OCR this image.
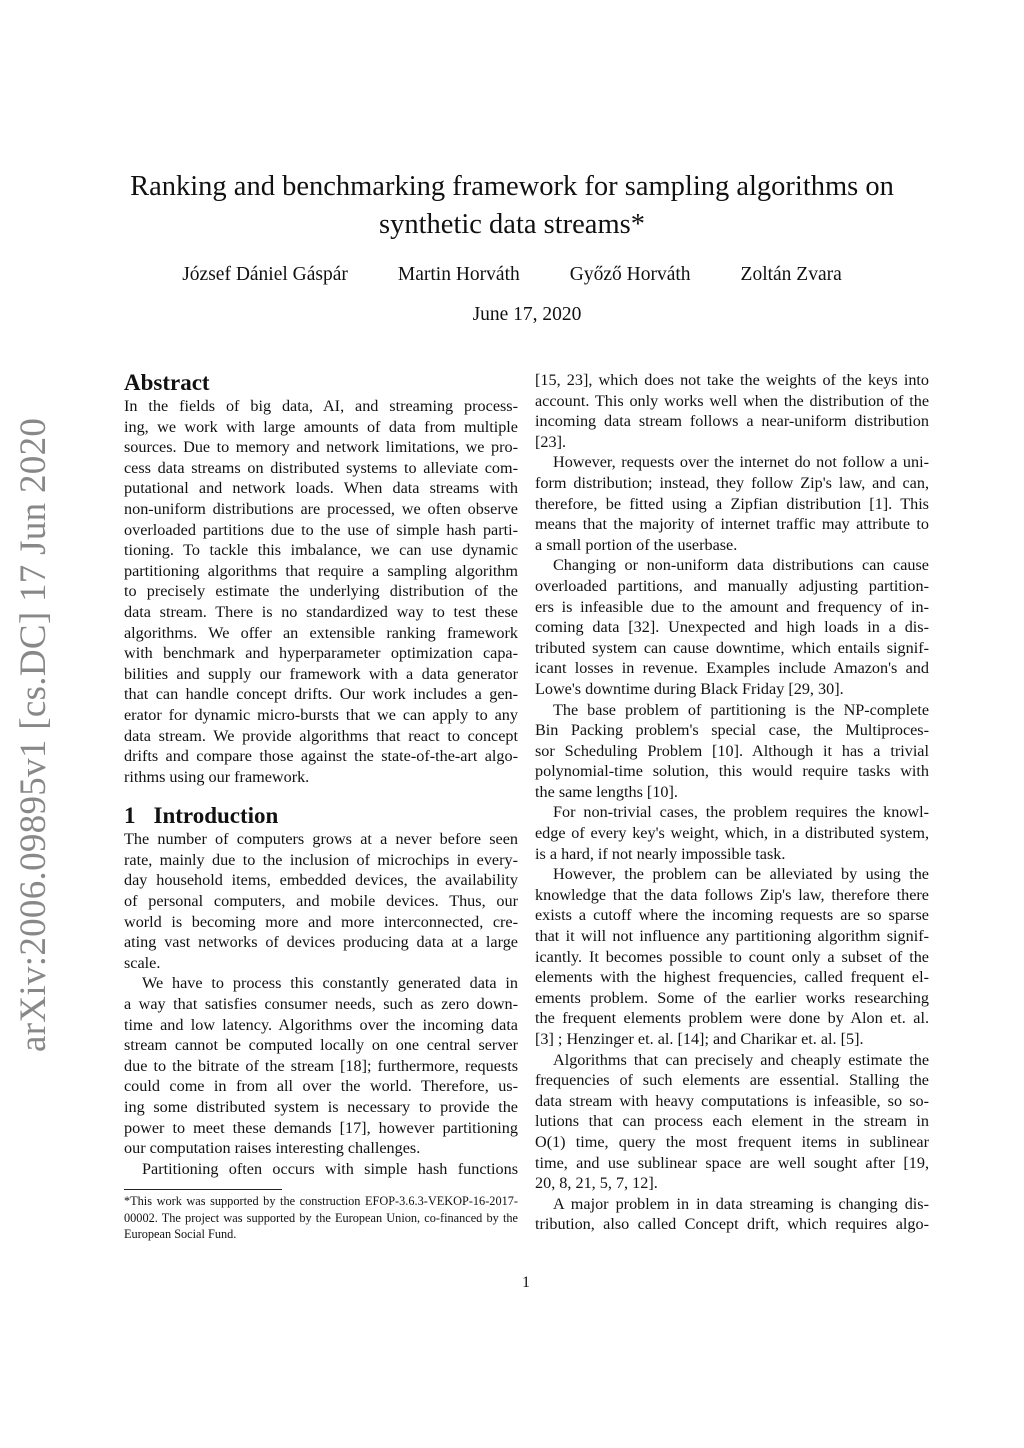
arXiv:2006.09895v1 [cs.DC] 17 Jun 2020
Ranking and benchmarking framework for sampling algorithms on
synthetic data streams*
József Dániel Gáspár	Martin Horváth	Győző Horváth	Zoltán Zvara
June 17, 2020
Abstract
In the fields of big data, AI, and streaming process-
ing, we work with large amounts of data from multiple
sources. Due to memory and network limitations, we pro-
cess data streams on distributed systems to alleviate com-
putational and network loads. When data streams with
non-uniform distributions are processed, we often observe
overloaded partitions due to the use of simple hash parti-
tioning. To tackle this imbalance, we can use dynamic
partitioning algorithms that require a sampling algorithm
to precisely estimate the underlying distribution of the
data stream. There is no standardized way to test these
algorithms. We offer an extensible ranking framework
with benchmark and hyperparameter optimization capa-
bilities and supply our framework with a data generator
that can handle concept drifts. Our work includes a gen-
erator for dynamic micro-bursts that we can apply to any
data stream. We provide algorithms that react to concept
drifts and compare those against the state-of-the-art algo-
rithms using our framework.
1 Introduction
The number of computers grows at a never before seen
rate, mainly due to the inclusion of microchips in every-
day household items, embedded devices, the availability
of personal computers, and mobile devices. Thus, our
world is becoming more and more interconnected, cre-
ating vast networks of devices producing data at a large
scale.
We have to process this constantly generated data in
a way that satisfies consumer needs, such as zero down-
time and low latency. Algorithms over the incoming data
stream cannot be computed locally on one central server
due to the bitrate of the stream [18]; furthermore, requests
could come in from all over the world. Therefore, us-
ing some distributed system is necessary to provide the
power to meet these demands [17], however partitioning
our computation raises interesting challenges.
Partitioning often occurs with simple hash functions
*This work was supported by the construction EFOP-3.6.3-VEKOP-16-2017-00002. The project was supported by the European Union, co-financed by the European Social Fund.
[15, 23], which does not take the weights of the keys into
account. This only works well when the distribution of the
incoming data stream follows a near-uniform distribution
[23].
However, requests over the internet do not follow a uni-
form distribution; instead, they follow Zip's law, and can,
therefore, be fitted using a Zipfian distribution [1]. This
means that the majority of internet traffic may attribute to
a small portion of the userbase.
Changing or non-uniform data distributions can cause
overloaded partitions, and manually adjusting partition-
ers is infeasible due to the amount and frequency of in-
coming data [32]. Unexpected and high loads in a dis-
tributed system can cause downtime, which entails signif-
icant losses in revenue. Examples include Amazon's and
Lowe's downtime during Black Friday [29, 30].
The base problem of partitioning is the NP-complete
Bin Packing problem's special case, the Multiproces-
sor Scheduling Problem [10]. Although it has a trivial
polynomial-time solution, this would require tasks with
the same lengths [10].
For non-trivial cases, the problem requires the knowl-
edge of every key's weight, which, in a distributed system,
is a hard, if not nearly impossible task.
However, the problem can be alleviated by using the
knowledge that the data follows Zip's law, therefore there
exists a cutoff where the incoming requests are so sparse
that it will not influence any partitioning algorithm signif-
icantly. It becomes possible to count only a subset of the
elements with the highest frequencies, called frequent el-
ements problem. Some of the earlier works researching
the frequent elements problem were done by Alon et. al.
[3] ; Henzinger et. al. [14]; and Charikar et. al. [5].
Algorithms that can precisely and cheaply estimate the
frequencies of such elements are essential. Stalling the
data stream with heavy computations is infeasible, so so-
lutions that can process each element in the stream in
O(1) time, query the most frequent items in sublinear
time, and use sublinear space are well sought after [19,
20, 8, 21, 5, 7, 12].
A major problem in in data streaming is changing dis-
tribution, also called Concept drift, which requires algo-
1
